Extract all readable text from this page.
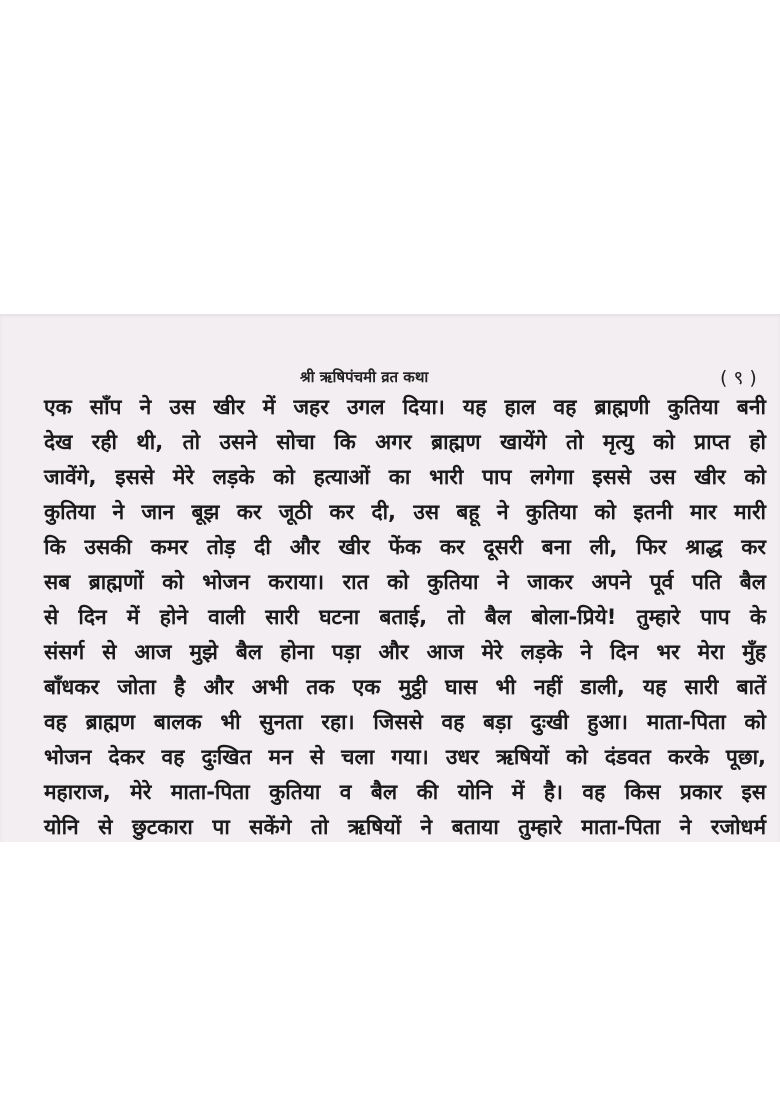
श्री ऋषिपंचमी व्रत कथा	( ९ )
एक साँप ने उस खीर में जहर उगल दिया। यह हाल वह ब्राह्मणी कुतिया बनी
देख रही थी, तो उसने सोचा कि अगर ब्राह्मण खायेंगे तो मृत्यु को प्राप्त हो
जावेंगे, इससे मेरे लड़के को हत्याओं का भारी पाप लगेगा इससे उस खीर को
कुतिया ने जान बूझ कर जूठी कर दी, उस बहू ने कुतिया को इतनी मार मारी
कि उसकी कमर तोड़ दी और खीर फेंक कर दूसरी बना ली, फिर श्राद्ध कर
सब ब्राह्मणों को भोजन कराया। रात को कुतिया ने जाकर अपने पूर्व पति बैल
से दिन में होने वाली सारी घटना बताई, तो बैल बोला-प्रिये! तुम्हारे पाप के
संसर्ग से आज मुझे बैल होना पड़ा और आज मेरे लड़के ने दिन भर मेरा मुँह
बाँधकर जोता है और अभी तक एक मुट्ठी घास भी नहीं डाली, यह सारी बातें
वह ब्राह्मण बालक भी सुनता रहा। जिससे वह बड़ा दुःखी हुआ। माता-पिता को
भोजन देकर वह दुःखित मन से चला गया। उधर ऋषियों को दंडवत करके पूछा,
महाराज, मेरे माता-पिता कुतिया व बैल की योनि में है। वह किस प्रकार इस
योनि से छुटकारा पा सकेंगे तो ऋषियों ने बताया तुम्हारे माता-पिता ने रजोधर्म
